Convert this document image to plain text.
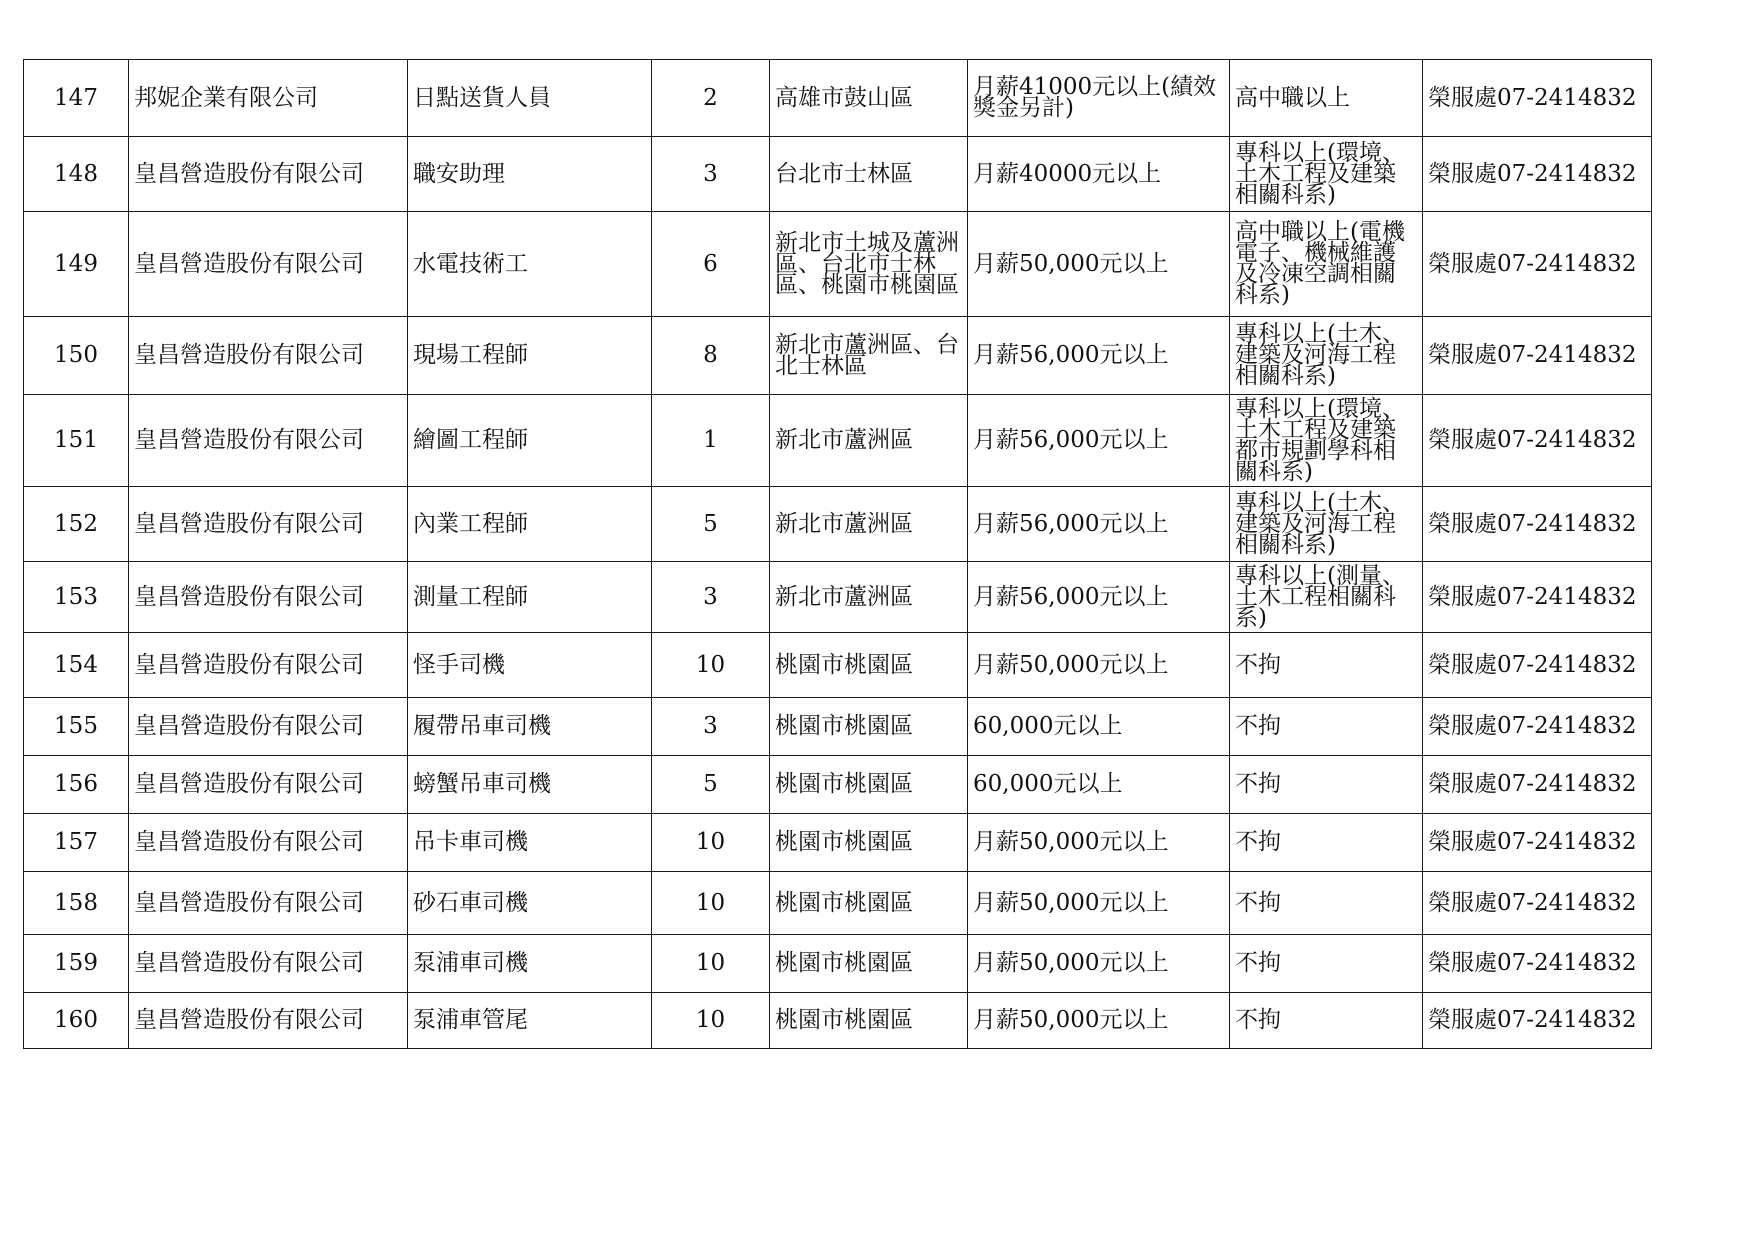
147	邦妮企業有限公司	日點送貨人員	2	高雄市鼓山區	月薪41000元以上(績效獎金另計)	高中職以上	榮服處07-2414832
148	皇昌營造股份有限公司	職安助理	3	台北市士林區	月薪40000元以上	專科以上(環境、土木工程及建築相關科系)	榮服處07-2414832
149	皇昌營造股份有限公司	水電技術工	6	新北市土城及蘆洲區、台北市士林區、桃園市桃園區	月薪50,000元以上	高中職以上(電機電子、機械維護及冷凍空調相關科系)	榮服處07-2414832
150	皇昌營造股份有限公司	現場工程師	8	新北市蘆洲區、台北士林區	月薪56,000元以上	專科以上(土木、建築及河海工程相關科系)	榮服處07-2414832
151	皇昌營造股份有限公司	繪圖工程師	1	新北市蘆洲區	月薪56,000元以上	專科以上(環境、土木工程及建築都市規劃學科相關科系)	榮服處07-2414832
152	皇昌營造股份有限公司	內業工程師	5	新北市蘆洲區	月薪56,000元以上	專科以上(土木、建築及河海工程相關科系)	榮服處07-2414832
153	皇昌營造股份有限公司	測量工程師	3	新北市蘆洲區	月薪56,000元以上	專科以上(測量、土木工程相關科系)	榮服處07-2414832
154	皇昌營造股份有限公司	怪手司機	10	桃園市桃園區	月薪50,000元以上	不拘	榮服處07-2414832
155	皇昌營造股份有限公司	履帶吊車司機	3	桃園市桃園區	60,000元以上	不拘	榮服處07-2414832
156	皇昌營造股份有限公司	螃蟹吊車司機	5	桃園市桃園區	60,000元以上	不拘	榮服處07-2414832
157	皇昌營造股份有限公司	吊卡車司機	10	桃園市桃園區	月薪50,000元以上	不拘	榮服處07-2414832
158	皇昌營造股份有限公司	砂石車司機	10	桃園市桃園區	月薪50,000元以上	不拘	榮服處07-2414832
159	皇昌營造股份有限公司	泵浦車司機	10	桃園市桃園區	月薪50,000元以上	不拘	榮服處07-2414832
160	皇昌營造股份有限公司	泵浦車管尾	10	桃園市桃園區	月薪50,000元以上	不拘	榮服處07-2414832
